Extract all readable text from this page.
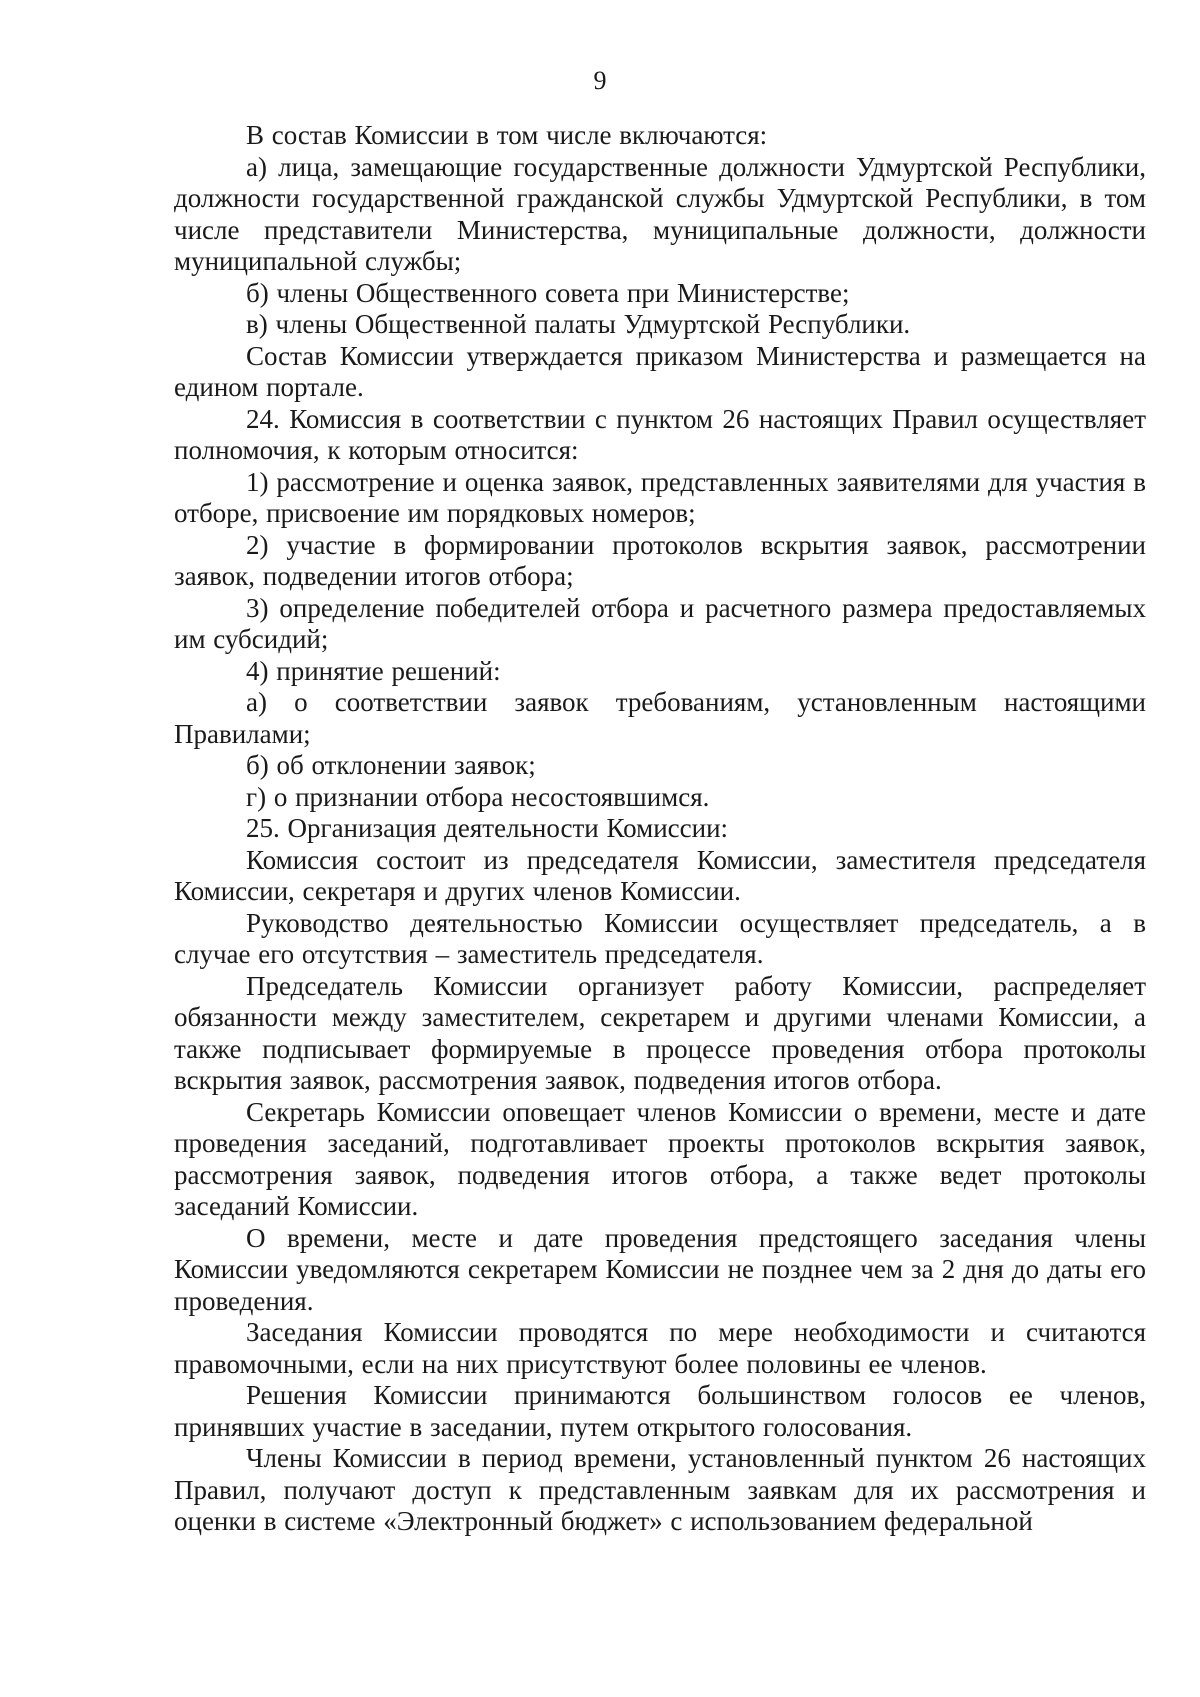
9

В состав Комиссии в том числе включаются:

а) лица, замещающие государственные должности Удмуртской Республики, должности государственной гражданской службы Удмуртской Республики, в том числе представители Министерства, муниципальные должности, должности муниципальной службы;

б) члены Общественного совета при Министерстве;

в) члены Общественной палаты Удмуртской Республики.

Состав Комиссии утверждается приказом Министерства и размещается на едином портале.

24. Комиссия в соответствии с пунктом 26 настоящих Правил осуществляет полномочия, к которым относится:

1) рассмотрение и оценка заявок, представленных заявителями для участия в отборе, присвоение им порядковых номеров;

2) участие в формировании протоколов вскрытия заявок, рассмотрении заявок, подведении итогов отбора;

3) определение победителей отбора и расчетного размера предоставляемых им субсидий;

4) принятие решений:

а) о соответствии заявок требованиям, установленным настоящими Правилами;

б) об отклонении заявок;

г) о признании отбора несостоявшимся.

25. Организация деятельности Комиссии:

Комиссия состоит из председателя Комиссии, заместителя председателя Комиссии, секретаря и других членов Комиссии.

Руководство деятельностью Комиссии осуществляет председатель, а в случае его отсутствия – заместитель председателя.

Председатель Комиссии организует работу Комиссии, распределяет обязанности между заместителем, секретарем и другими членами Комиссии, а также подписывает формируемые в процессе проведения отбора протоколы вскрытия заявок, рассмотрения заявок, подведения итогов отбора.

Секретарь Комиссии оповещает членов Комиссии о времени, месте и дате проведения заседаний, подготавливает проекты протоколов вскрытия заявок, рассмотрения заявок, подведения итогов отбора, а также ведет протоколы заседаний Комиссии.

О времени, месте и дате проведения предстоящего заседания члены Комиссии уведомляются секретарем Комиссии не позднее чем за 2 дня до даты его проведения.

Заседания Комиссии проводятся по мере необходимости и считаются правомочными, если на них присутствуют более половины ее членов.

Решения Комиссии принимаются большинством голосов ее членов, принявших участие в заседании, путем открытого голосования.

Члены Комиссии в период времени, установленный пунктом 26 настоящих Правил, получают доступ к представленным заявкам для их рассмотрения и оценки в системе «Электронный бюджет» с использованием федеральной
